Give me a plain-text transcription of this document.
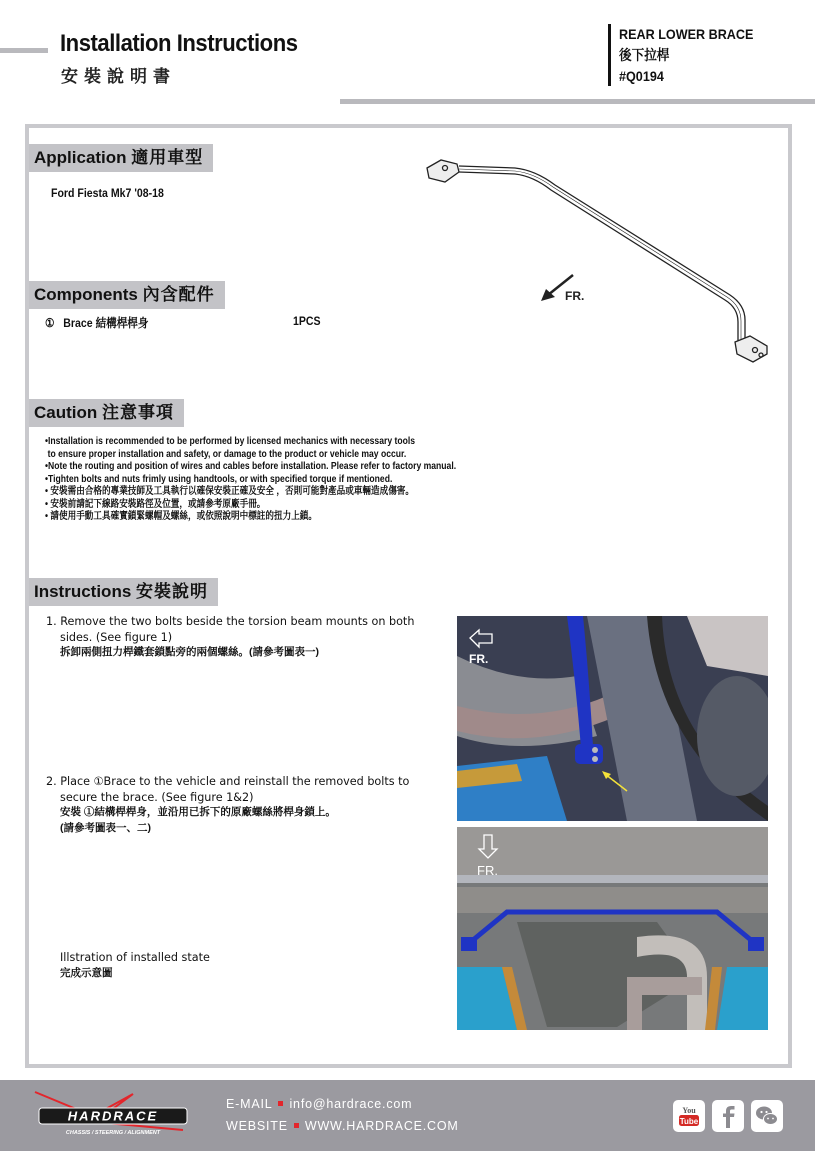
Installation Instructions
安裝說明書
REAR LOWER BRACE
後下拉桿
#Q0194
Application 適用車型
Ford Fiesta Mk7 '08-18
FR.
Components 內含配件
① Brace 結構桿桿身	1PCS
Caution 注意事項
•Installation is recommended to be performed by licensed mechanics with necessary tools
to ensure proper installation and safety, or damage to the product or vehicle may occur.
•Note the routing and position of wires and cables before installation. Please refer to factory manual.
•Tighten bolts and nuts frimly using handtools, or with specified torque if mentioned.
• 安裝需由合格的專業技師及工具執行以確保安裝正確及安全 ，否則可能對產品或車輛造成傷害。
• 安裝前請記下線路安裝路徑及位置，或請參考原廠手冊。
• 請使用手動工具確實鎖緊螺帽及螺絲，或依照說明中標註的扭力上鎖。
Instructions 安裝說明
1. Remove the two bolts beside the torsion beam mounts on both
sides. (See figure 1)
拆卸兩側扭力桿鐵套鎖點旁的兩個螺絲。(請參考圖表一)
2. Place ①Brace to the vehicle and reinstall the removed bolts to
secure the brace. (See figure 1&2)
安裝 ①結構桿桿身，並沿用已拆下的原廠螺絲將桿身鎖上。
(請參考圖表一、二)
Illstration of installed state
完成示意圖
FR.
FR.
HARDRACE
CHASSIS / STEERING / ALIGNMENT
E-MAIL info@hardrace.com
WEBSITE WWW.HARDRACE.COM
You
Tube
